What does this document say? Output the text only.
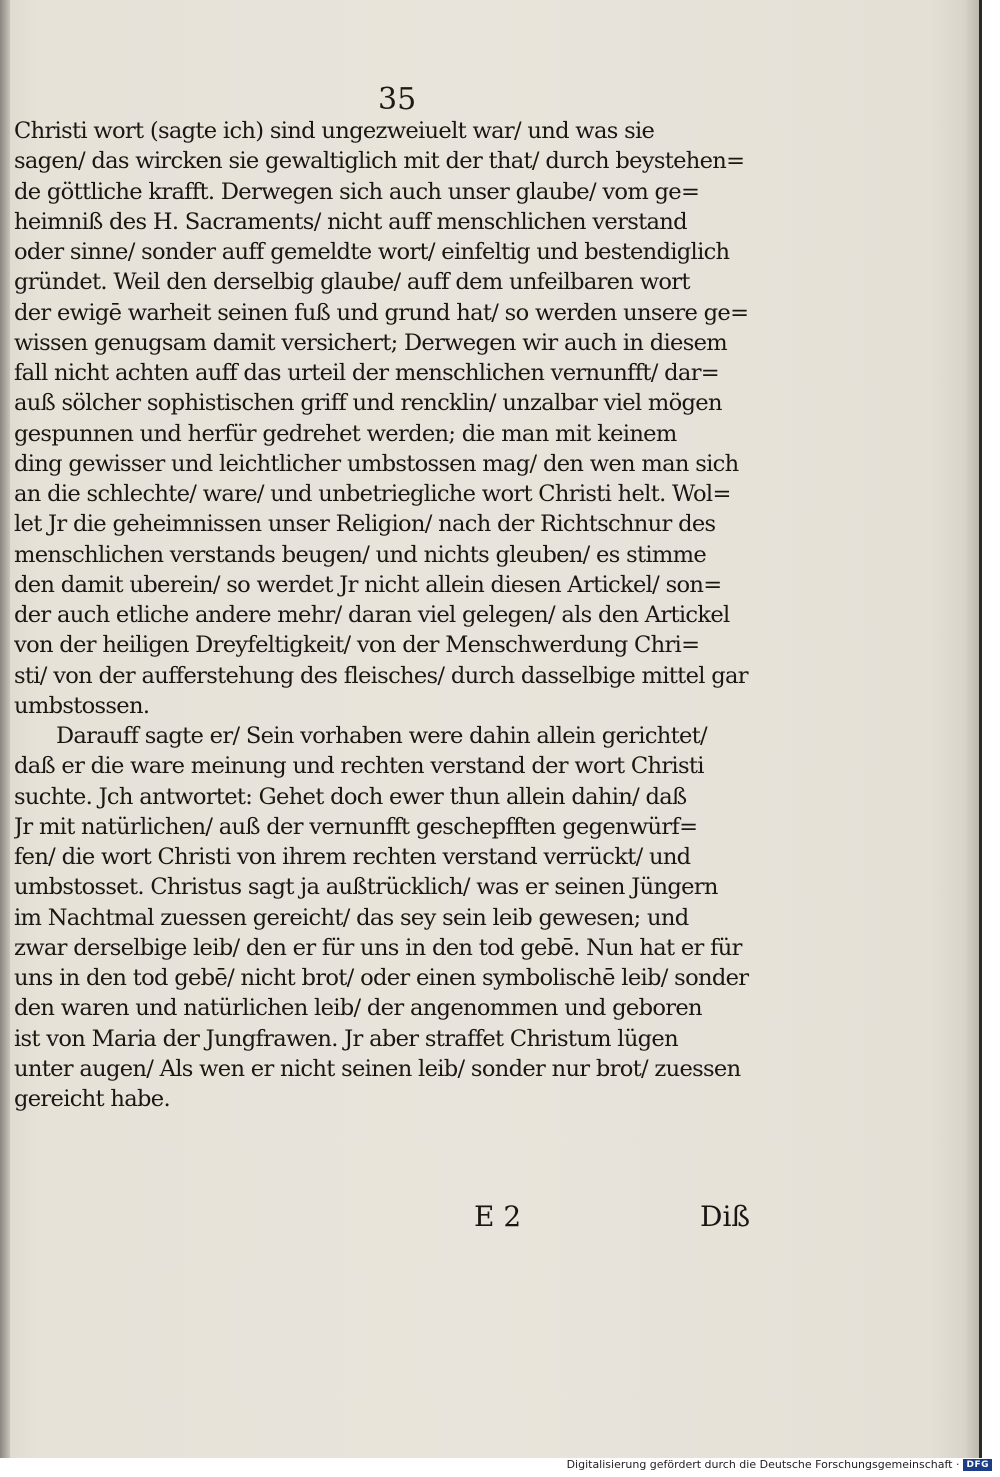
35
Christi wort (sagte ich) sind ungezweiuelt war/ und was sie
sagen/ das wircken sie gewaltiglich mit der that/ durch beystehen=
de göttliche krafft. Derwegen sich auch unser glaube/ vom ge=
heimniß des H. Sacraments/ nicht auff menschlichen verstand
oder sinne/ sonder auff gemeldte wort/ einfeltig und bestendiglich
gründet. Weil den derselbig glaube/ auff dem unfeilbaren wort
der ewigē warheit seinen fuß und grund hat/ so werden unsere ge=
wissen genugsam damit versichert; Derwegen wir auch in diesem
fall nicht achten auff das urteil der menschlichen vernunfft/ dar=
auß sölcher sophistischen griff und rencklin/ unzalbar viel mögen
gespunnen und herfür gedrehet werden; die man mit keinem
ding gewisser und leichtlicher umbstossen mag/ den wen man sich
an die schlechte/ ware/ und unbetriegliche wort Christi helt. Wol=
let Jr die geheimnissen unser Religion/ nach der Richtschnur des
menschlichen verstands beugen/ und nichts gleuben/ es stimme
den damit uberein/ so werdet Jr nicht allein diesen Artickel/ son=
der auch etliche andere mehr/ daran viel gelegen/ als den Artickel
von der heiligen Dreyfeltigkeit/ von der Menschwerdung Chri=
sti/ von der aufferstehung des fleisches/ durch dasselbige mittel gar
umbstossen.
Darauff sagte er/ Sein vorhaben were dahin allein gerichtet/
daß er die ware meinung und rechten verstand der wort Christi
suchte. Jch antwortet: Gehet doch ewer thun allein dahin/ daß
Jr mit natürlichen/ auß der vernunfft geschepfften gegenwürf=
fen/ die wort Christi von ihrem rechten verstand verrückt/ und
umbstosset. Christus sagt ja außtrücklich/ was er seinen Jüngern
im Nachtmal zuessen gereicht/ das sey sein leib gewesen; und
zwar derselbige leib/ den er für uns in den tod gebē. Nun hat er für
uns in den tod gebē/ nicht brot/ oder einen symbolischē leib/ sonder
den waren und natürlichen leib/ der angenommen und geboren
ist von Maria der Jungfrawen. Jr aber straffet Christum lügen
unter augen/ Als wen er nicht seinen leib/ sonder nur brot/ zuessen
gereicht habe.
E 2	Diß
Digitalisierung gefördert durch die Deutsche Forschungsgemeinschaft · DFG
